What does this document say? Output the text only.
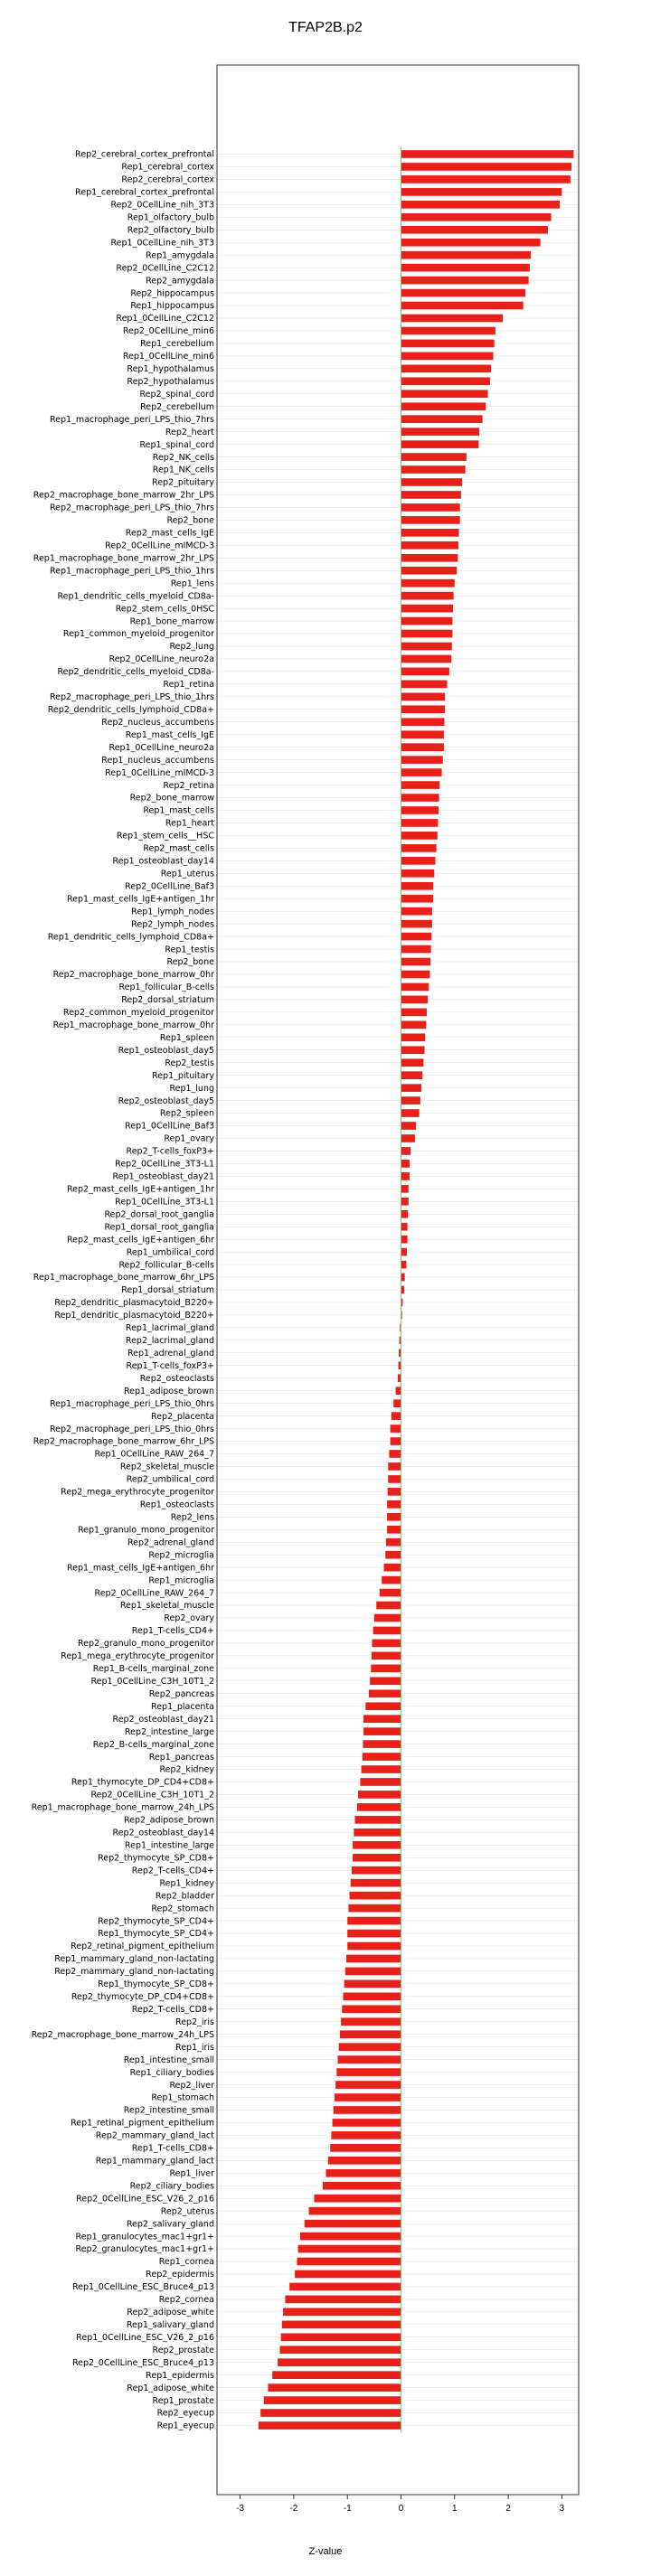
TFAP2B.p2
Rep2_cerebral_cortex_prefrontal
Rep1_cerebral_cortex
Rep2_cerebral_cortex
Rep1_cerebral_cortex_prefrontal
Rep2_0CellLine_nih_3T3
Rep1_olfactory_bulb
Rep2_olfactory_bulb
Rep1_0CellLine_nih_3T3
Rep1_amygdala
Rep2_0CellLine_C2C12
Rep2_amygdala
Rep2_hippocampus
Rep1_hippocampus
Rep1_0CellLine_C2C12
Rep2_0CellLine_min6
Rep1_cerebellum
Rep1_0CellLine_min6
Rep1_hypothalamus
Rep2_hypothalamus
Rep2_spinal_cord
Rep2_cerebellum
Rep1_macrophage_peri_LPS_thio_7hrs
Rep2_heart
Rep1_spinal_cord
Rep2_NK_cells
Rep1_NK_cells
Rep2_pituitary
Rep2_macrophage_bone_marrow_2hr_LPS
Rep2_macrophage_peri_LPS_thio_7hrs
Rep2_bone
Rep2_mast_cells_IgE
Rep2_0CellLine_mIMCD-3
Rep1_macrophage_bone_marrow_2hr_LPS
Rep1_macrophage_peri_LPS_thio_1hrs
Rep1_lens
Rep1_dendritic_cells_myeloid_CD8a-
Rep2_stem_cells_0HSC
Rep1_bone_marrow
Rep1_common_myeloid_progenitor
Rep2_lung
Rep2_0CellLine_neuro2a
Rep2_dendritic_cells_myeloid_CD8a-
Rep1_retina
Rep2_macrophage_peri_LPS_thio_1hrs
Rep2_dendritic_cells_lymphoid_CD8a+
Rep2_nucleus_accumbens
Rep1_mast_cells_IgE
Rep1_0CellLine_neuro2a
Rep1_nucleus_accumbens
Rep1_0CellLine_mIMCD-3
Rep2_retina
Rep2_bone_marrow
Rep1_mast_cells
Rep1_heart
Rep1_stem_cells__HSC
Rep2_mast_cells
Rep1_osteoblast_day14
Rep1_uterus
Rep2_0CellLine_Baf3
Rep1_mast_cells_IgE+antigen_1hr
Rep1_lymph_nodes
Rep2_lymph_nodes
Rep1_dendritic_cells_lymphoid_CD8a+
Rep1_testis
Rep2_bone
Rep2_macrophage_bone_marrow_0hr
Rep1_follicular_B-cells
Rep2_dorsal_striatum
Rep2_common_myeloid_progenitor
Rep1_macrophage_bone_marrow_0hr
Rep1_spleen
Rep1_osteoblast_day5
Rep2_testis
Rep1_pituitary
Rep1_lung
Rep2_osteoblast_day5
Rep2_spleen
Rep1_0CellLine_Baf3
Rep1_ovary
Rep2_T-cells_foxP3+
Rep2_0CellLine_3T3-L1
Rep1_osteoblast_day21
Rep2_mast_cells_IgE+antigen_1hr
Rep1_0CellLine_3T3-L1
Rep2_dorsal_root_ganglia
Rep1_dorsal_root_ganglia
Rep2_mast_cells_IgE+antigen_6hr
Rep1_umbilical_cord
Rep2_follicular_B-cells
Rep1_macrophage_bone_marrow_6hr_LPS
Rep1_dorsal_striatum
Rep2_dendritic_plasmacytoid_B220+
Rep1_dendritic_plasmacytoid_B220+
Rep1_lacrimal_gland
Rep2_lacrimal_gland
Rep1_adrenal_gland
Rep1_T-cells_foxP3+
Rep2_osteoclasts
Rep1_adipose_brown
Rep1_macrophage_peri_LPS_thio_0hrs
Rep2_placenta
Rep2_macrophage_peri_LPS_thio_0hrs
Rep2_macrophage_bone_marrow_6hr_LPS
Rep1_0CellLine_RAW_264_7
Rep2_skeletal_muscle
Rep2_umbilical_cord
Rep2_mega_erythrocyte_progenitor
Rep1_osteoclasts
Rep2_lens
Rep1_granulo_mono_progenitor
Rep2_adrenal_gland
Rep2_microglia
Rep1_mast_cells_IgE+antigen_6hr
Rep1_microglia
Rep2_0CellLine_RAW_264_7
Rep1_skeletal_muscle
Rep2_ovary
Rep1_T-cells_CD4+
Rep2_granulo_mono_progenitor
Rep1_mega_erythrocyte_progenitor
Rep1_B-cells_marginal_zone
Rep1_0CellLine_C3H_10T1_2
Rep2_pancreas
Rep1_placenta
Rep2_osteoblast_day21
Rep2_intestine_large
Rep2_B-cells_marginal_zone
Rep1_pancreas
Rep2_kidney
Rep1_thymocyte_DP_CD4+CD8+
Rep2_0CellLine_C3H_10T1_2
Rep1_macrophage_bone_marrow_24h_LPS
Rep2_adipose_brown
Rep2_osteoblast_day14
Rep1_intestine_large
Rep2_thymocyte_SP_CD8+
Rep2_T-cells_CD4+
Rep1_kidney
Rep2_bladder
Rep2_stomach
Rep2_thymocyte_SP_CD4+
Rep1_thymocyte_SP_CD4+
Rep2_retinal_pigment_epithelium
Rep1_mammary_gland_non-lactating
Rep2_mammary_gland_non-lactating
Rep1_thymocyte_SP_CD8+
Rep2_thymocyte_DP_CD4+CD8+
Rep2_T-cells_CD8+
Rep2_iris
Rep2_macrophage_bone_marrow_24h_LPS
Rep1_iris
Rep1_intestine_small
Rep1_ciliary_bodies
Rep2_liver
Rep1_stomach
Rep2_intestine_small
Rep1_retinal_pigment_epithelium
Rep2_mammary_gland_lact
Rep1_T-cells_CD8+
Rep1_mammary_gland_lact
Rep1_liver
Rep2_ciliary_bodies
Rep2_0CellLine_ESC_V26_2_p16
Rep2_uterus
Rep2_salivary_gland
Rep1_granulocytes_mac1+gr1+
Rep2_granulocytes_mac1+gr1+
Rep1_cornea
Rep2_epidermis
Rep1_0CellLine_ESC_Bruce4_p13
Rep2_cornea
Rep2_adipose_white
Rep1_salivary_gland
Rep1_0CellLine_ESC_V26_2_p16
Rep2_prostate
Rep2_0CellLine_ESC_Bruce4_p13
Rep1_epidermis
Rep1_adipose_white
Rep1_prostate
Rep2_eyecup
Rep1_eyecup
-3	-2	-1	0	1	2	3
Z-value
